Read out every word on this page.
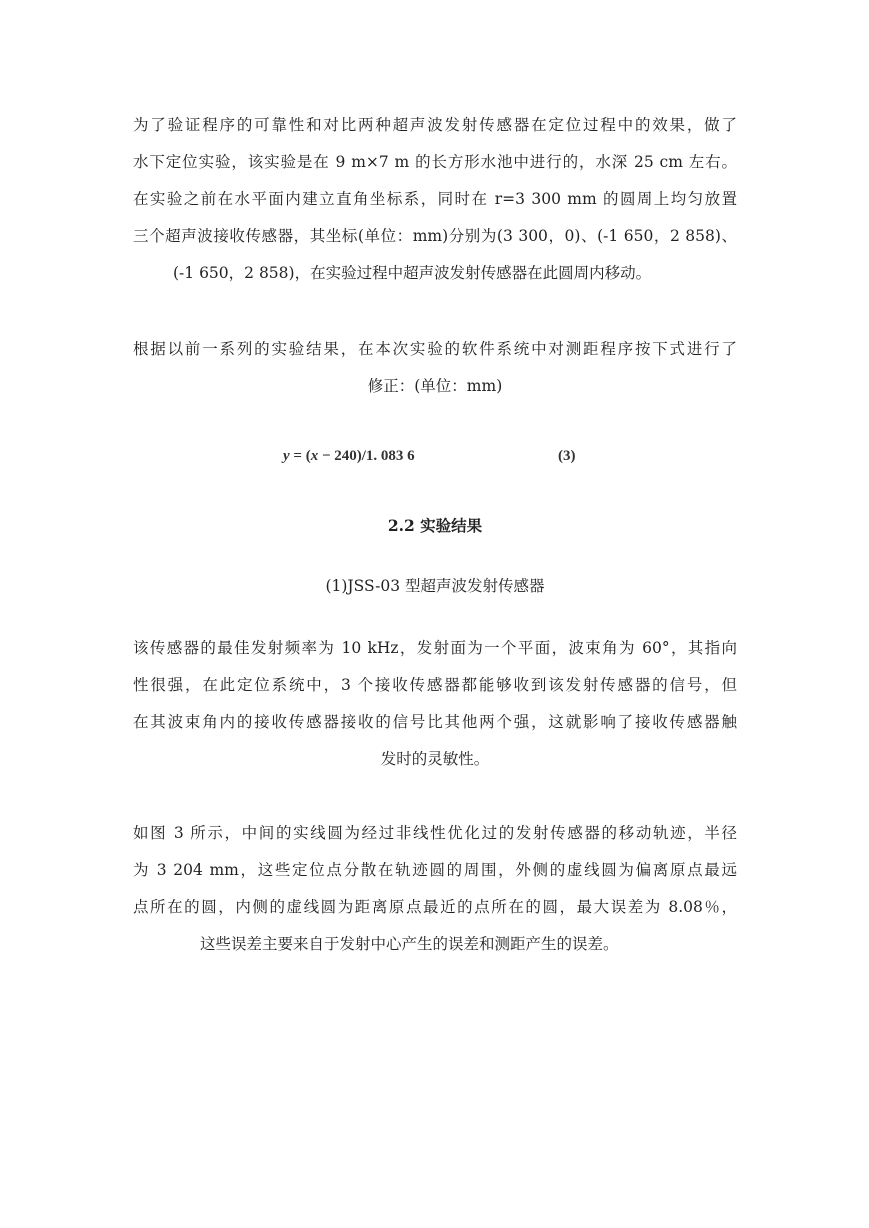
为了验证程序的可靠性和对比两种超声波发射传感器在定位过程中的效果，做了
水下定位实验，该实验是在 9 m×7 m 的长方形水池中进行的，水深 25 cm 左右。
在实验之前在水平面内建立直角坐标系，同时在 r=3 300 mm 的圆周上均匀放置
三个超声波接收传感器，其坐标(单位：mm)分别为(3 300，0)、(-1 650，2 858)、
(-1 650，2 858)，在实验过程中超声波发射传感器在此圆周内移动。
根据以前一系列的实验结果，在本次实验的软件系统中对测距程序按下式进行了
修正：(单位：mm)
y = (x − 240)/1. 083 6	(3)
2.2 实验结果
(1)JSS-03 型超声波发射传感器
该传感器的最佳发射频率为 10 kHz，发射面为一个平面，波束角为 60°，其指向
性很强，在此定位系统中，3 个接收传感器都能够收到该发射传感器的信号，但
在其波束角内的接收传感器接收的信号比其他两个强，这就影响了接收传感器触
发时的灵敏性。
如图 3 所示，中间的实线圆为经过非线性优化过的发射传感器的移动轨迹，半径
为 3 204 mm，这些定位点分散在轨迹圆的周围，外侧的虚线圆为偏离原点最远
点所在的圆，内侧的虚线圆为距离原点最近的点所在的圆，最大误差为 8.08％，
这些误差主要来自于发射中心产生的误差和测距产生的误差。
